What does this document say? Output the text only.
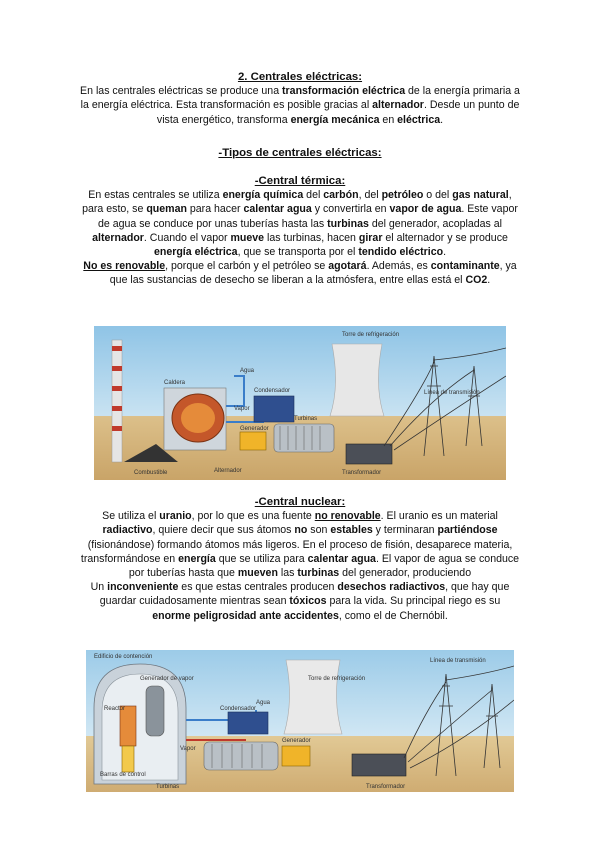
2. Centrales eléctricas:
En las centrales eléctricas se produce una transformación eléctrica de la energía primaria a la energía eléctrica. Esta transformación es posible gracias al alternador. Desde un punto de vista energético, transforma energía mecánica en eléctrica.
-Tipos de centrales eléctricas:
-Central térmica:
En estas centrales se utiliza energía química del carbón, del petróleo o del gas natural, para esto, se queman para hacer calentar agua y convertirla en vapor de agua. Este vapor de agua se conduce por unas tuberías hasta las turbinas del generador, acopladas al alternador. Cuando el vapor mueve las turbinas, hacen girar el alternador y se produce energía eléctrica, que se transporta por el tendido eléctrico.
No es renovable, porque el carbón y el petróleo se agotará. Además, es contaminante, ya que las sustancias de desecho se liberan a la atmósfera, entre ellas está el CO2.
Torre de refrigeración
Agua
Caldera
Condensador
Vapor
Turbinas
Generador
Combustible	Alternador	Transformador
Línea de transmisión
-Central nuclear:
Se utiliza el uranio, por lo que es una fuente no renovable. El uranio es un material radiactivo, quiere decir que sus átomos no son estables y terminaran partiéndose (fisionándose) formando átomos más ligeros. En el proceso de fisión, desaparece materia, transformándose en energía que se utiliza para calentar agua. El vapor de agua se conduce por tuberías hasta que mueven las turbinas del generador, produciendo
Un inconveniente es que estas centrales producen desechos radiactivos, que hay que guardar cuidadosamente mientras sean tóxicos para la vida. Su principal riego es su enorme peligrosidad ante accidentes, como el de Chernóbil.
Edificio de contención
Generador de vapor
Reactor
Barras de control
Agua
Torre de refrigeración
Condensador
Vapor
Generador
Turbinas	Transformador
Línea de transmisión
